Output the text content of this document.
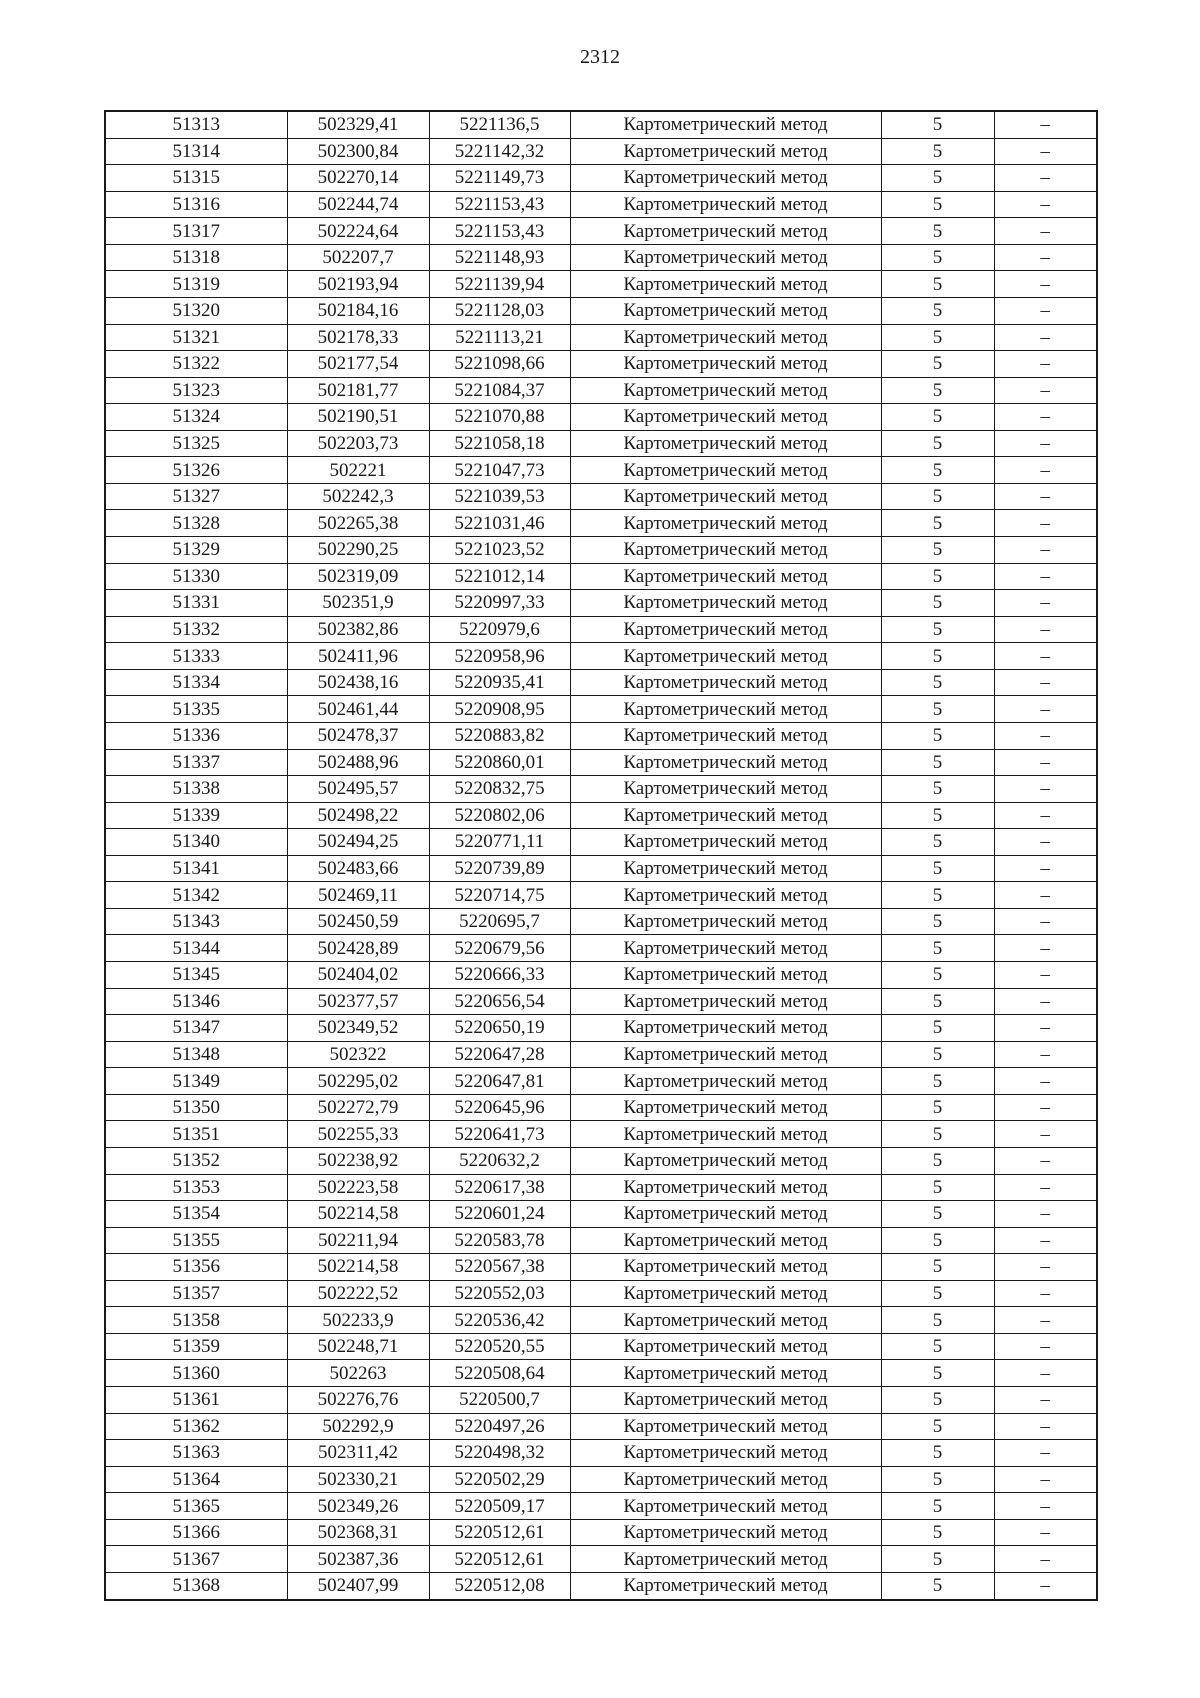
2312
51313	502329,41	5221136,5	Картометрический метод	5	–
51314	502300,84	5221142,32	Картометрический метод	5	–
51315	502270,14	5221149,73	Картометрический метод	5	–
51316	502244,74	5221153,43	Картометрический метод	5	–
51317	502224,64	5221153,43	Картометрический метод	5	–
51318	502207,7	5221148,93	Картометрический метод	5	–
51319	502193,94	5221139,94	Картометрический метод	5	–
51320	502184,16	5221128,03	Картометрический метод	5	–
51321	502178,33	5221113,21	Картометрический метод	5	–
51322	502177,54	5221098,66	Картометрический метод	5	–
51323	502181,77	5221084,37	Картометрический метод	5	–
51324	502190,51	5221070,88	Картометрический метод	5	–
51325	502203,73	5221058,18	Картометрический метод	5	–
51326	502221	5221047,73	Картометрический метод	5	–
51327	502242,3	5221039,53	Картометрический метод	5	–
51328	502265,38	5221031,46	Картометрический метод	5	–
51329	502290,25	5221023,52	Картометрический метод	5	–
51330	502319,09	5221012,14	Картометрический метод	5	–
51331	502351,9	5220997,33	Картометрический метод	5	–
51332	502382,86	5220979,6	Картометрический метод	5	–
51333	502411,96	5220958,96	Картометрический метод	5	–
51334	502438,16	5220935,41	Картометрический метод	5	–
51335	502461,44	5220908,95	Картометрический метод	5	–
51336	502478,37	5220883,82	Картометрический метод	5	–
51337	502488,96	5220860,01	Картометрический метод	5	–
51338	502495,57	5220832,75	Картометрический метод	5	–
51339	502498,22	5220802,06	Картометрический метод	5	–
51340	502494,25	5220771,11	Картометрический метод	5	–
51341	502483,66	5220739,89	Картометрический метод	5	–
51342	502469,11	5220714,75	Картометрический метод	5	–
51343	502450,59	5220695,7	Картометрический метод	5	–
51344	502428,89	5220679,56	Картометрический метод	5	–
51345	502404,02	5220666,33	Картометрический метод	5	–
51346	502377,57	5220656,54	Картометрический метод	5	–
51347	502349,52	5220650,19	Картометрический метод	5	–
51348	502322	5220647,28	Картометрический метод	5	–
51349	502295,02	5220647,81	Картометрический метод	5	–
51350	502272,79	5220645,96	Картометрический метод	5	–
51351	502255,33	5220641,73	Картометрический метод	5	–
51352	502238,92	5220632,2	Картометрический метод	5	–
51353	502223,58	5220617,38	Картометрический метод	5	–
51354	502214,58	5220601,24	Картометрический метод	5	–
51355	502211,94	5220583,78	Картометрический метод	5	–
51356	502214,58	5220567,38	Картометрический метод	5	–
51357	502222,52	5220552,03	Картометрический метод	5	–
51358	502233,9	5220536,42	Картометрический метод	5	–
51359	502248,71	5220520,55	Картометрический метод	5	–
51360	502263	5220508,64	Картометрический метод	5	–
51361	502276,76	5220500,7	Картометрический метод	5	–
51362	502292,9	5220497,26	Картометрический метод	5	–
51363	502311,42	5220498,32	Картометрический метод	5	–
51364	502330,21	5220502,29	Картометрический метод	5	–
51365	502349,26	5220509,17	Картометрический метод	5	–
51366	502368,31	5220512,61	Картометрический метод	5	–
51367	502387,36	5220512,61	Картометрический метод	5	–
51368	502407,99	5220512,08	Картометрический метод	5	–
